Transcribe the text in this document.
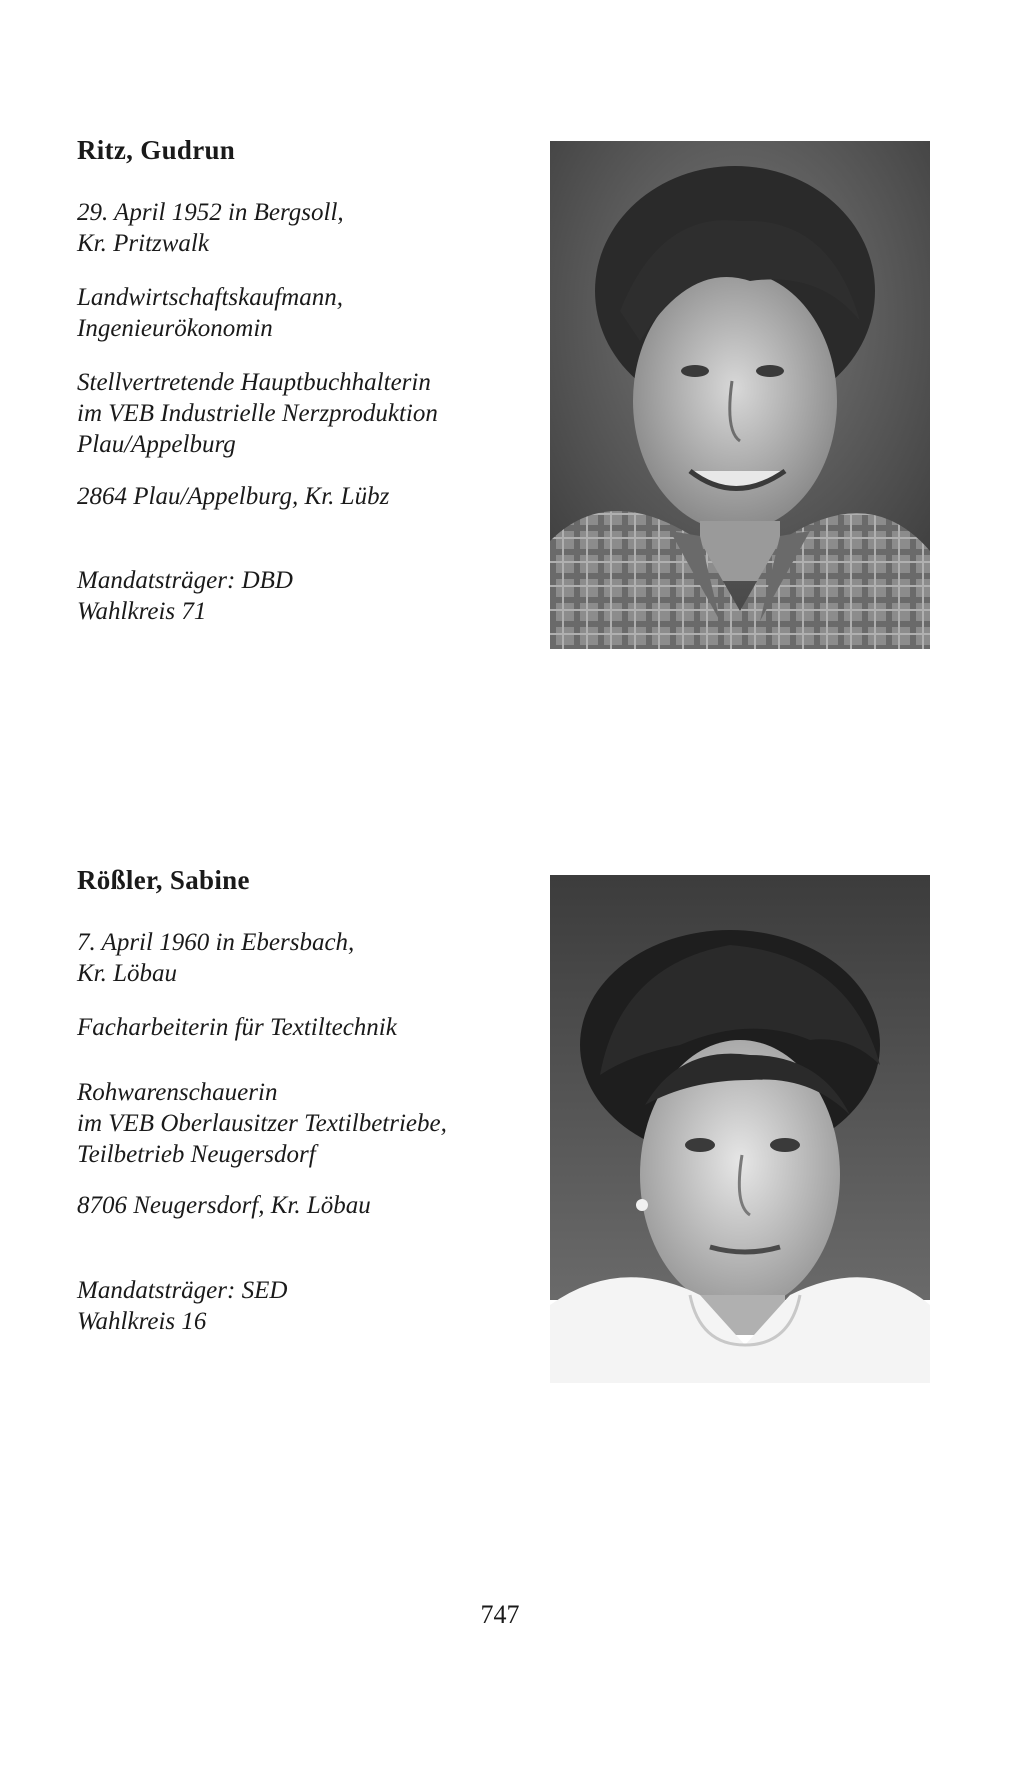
Ritz, Gudrun

29. April 1952 in Bergsoll,
Kr. Pritzwalk

Landwirtschaftskaufmann,
Ingenieurökonomin

Stellvertretende Hauptbuchhalterin
im VEB Industrielle Nerzproduktion
Plau/Appelburg

2864 Plau/Appelburg, Kr. Lübz

Mandatsträger: DBD
Wahlkreis 71

Rößler, Sabine

7. April 1960 in Ebersbach,
Kr. Löbau

Facharbeiterin für Textiltechnik

Rohwarenschauerin
im VEB Oberlausitzer Textilbetriebe,
Teilbetrieb Neugersdorf

8706 Neugersdorf, Kr. Löbau

Mandatsträger: SED
Wahlkreis 16

747
